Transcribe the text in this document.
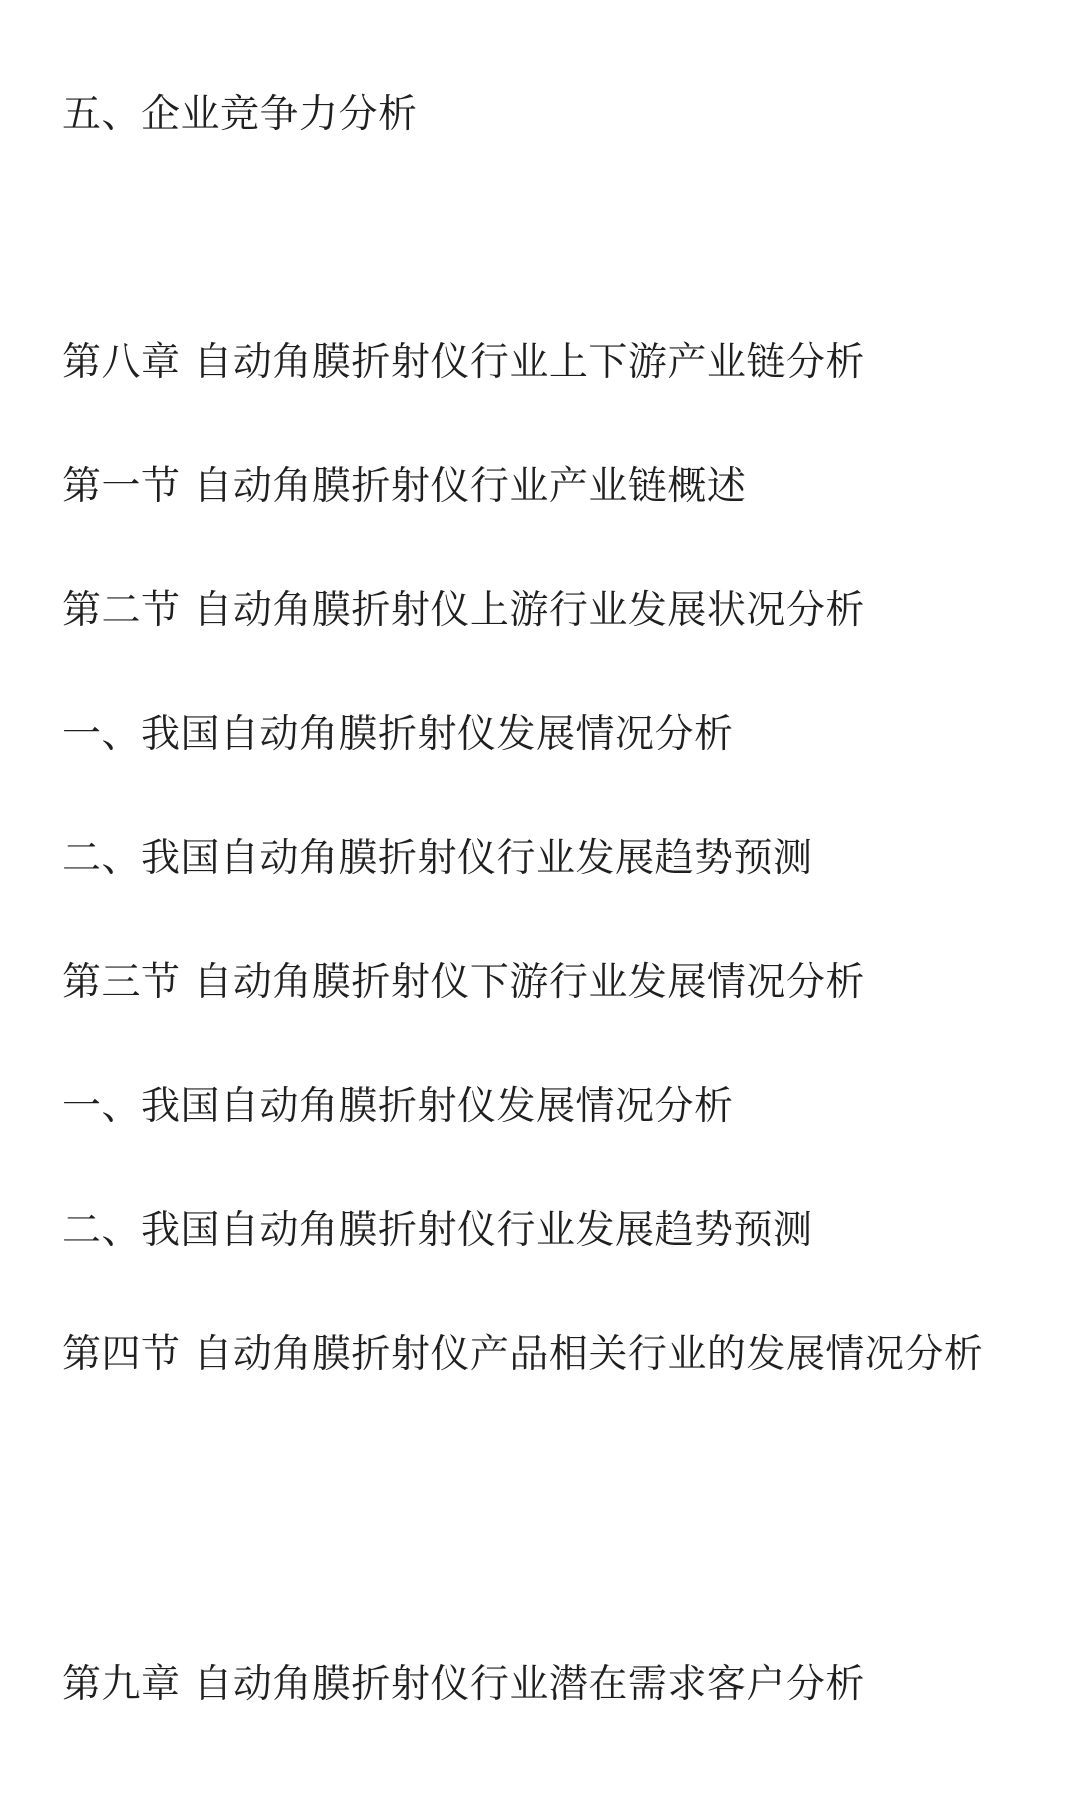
五、企业竞争力分析
第八章 自动角膜折射仪行业上下游产业链分析
第一节 自动角膜折射仪行业产业链概述
第二节 自动角膜折射仪上游行业发展状况分析
一、我国自动角膜折射仪发展情况分析
二、我国自动角膜折射仪行业发展趋势预测
第三节 自动角膜折射仪下游行业发展情况分析
一、我国自动角膜折射仪发展情况分析
二、我国自动角膜折射仪行业发展趋势预测
第四节 自动角膜折射仪产品相关行业的发展情况分析
第九章 自动角膜折射仪行业潜在需求客户分析
